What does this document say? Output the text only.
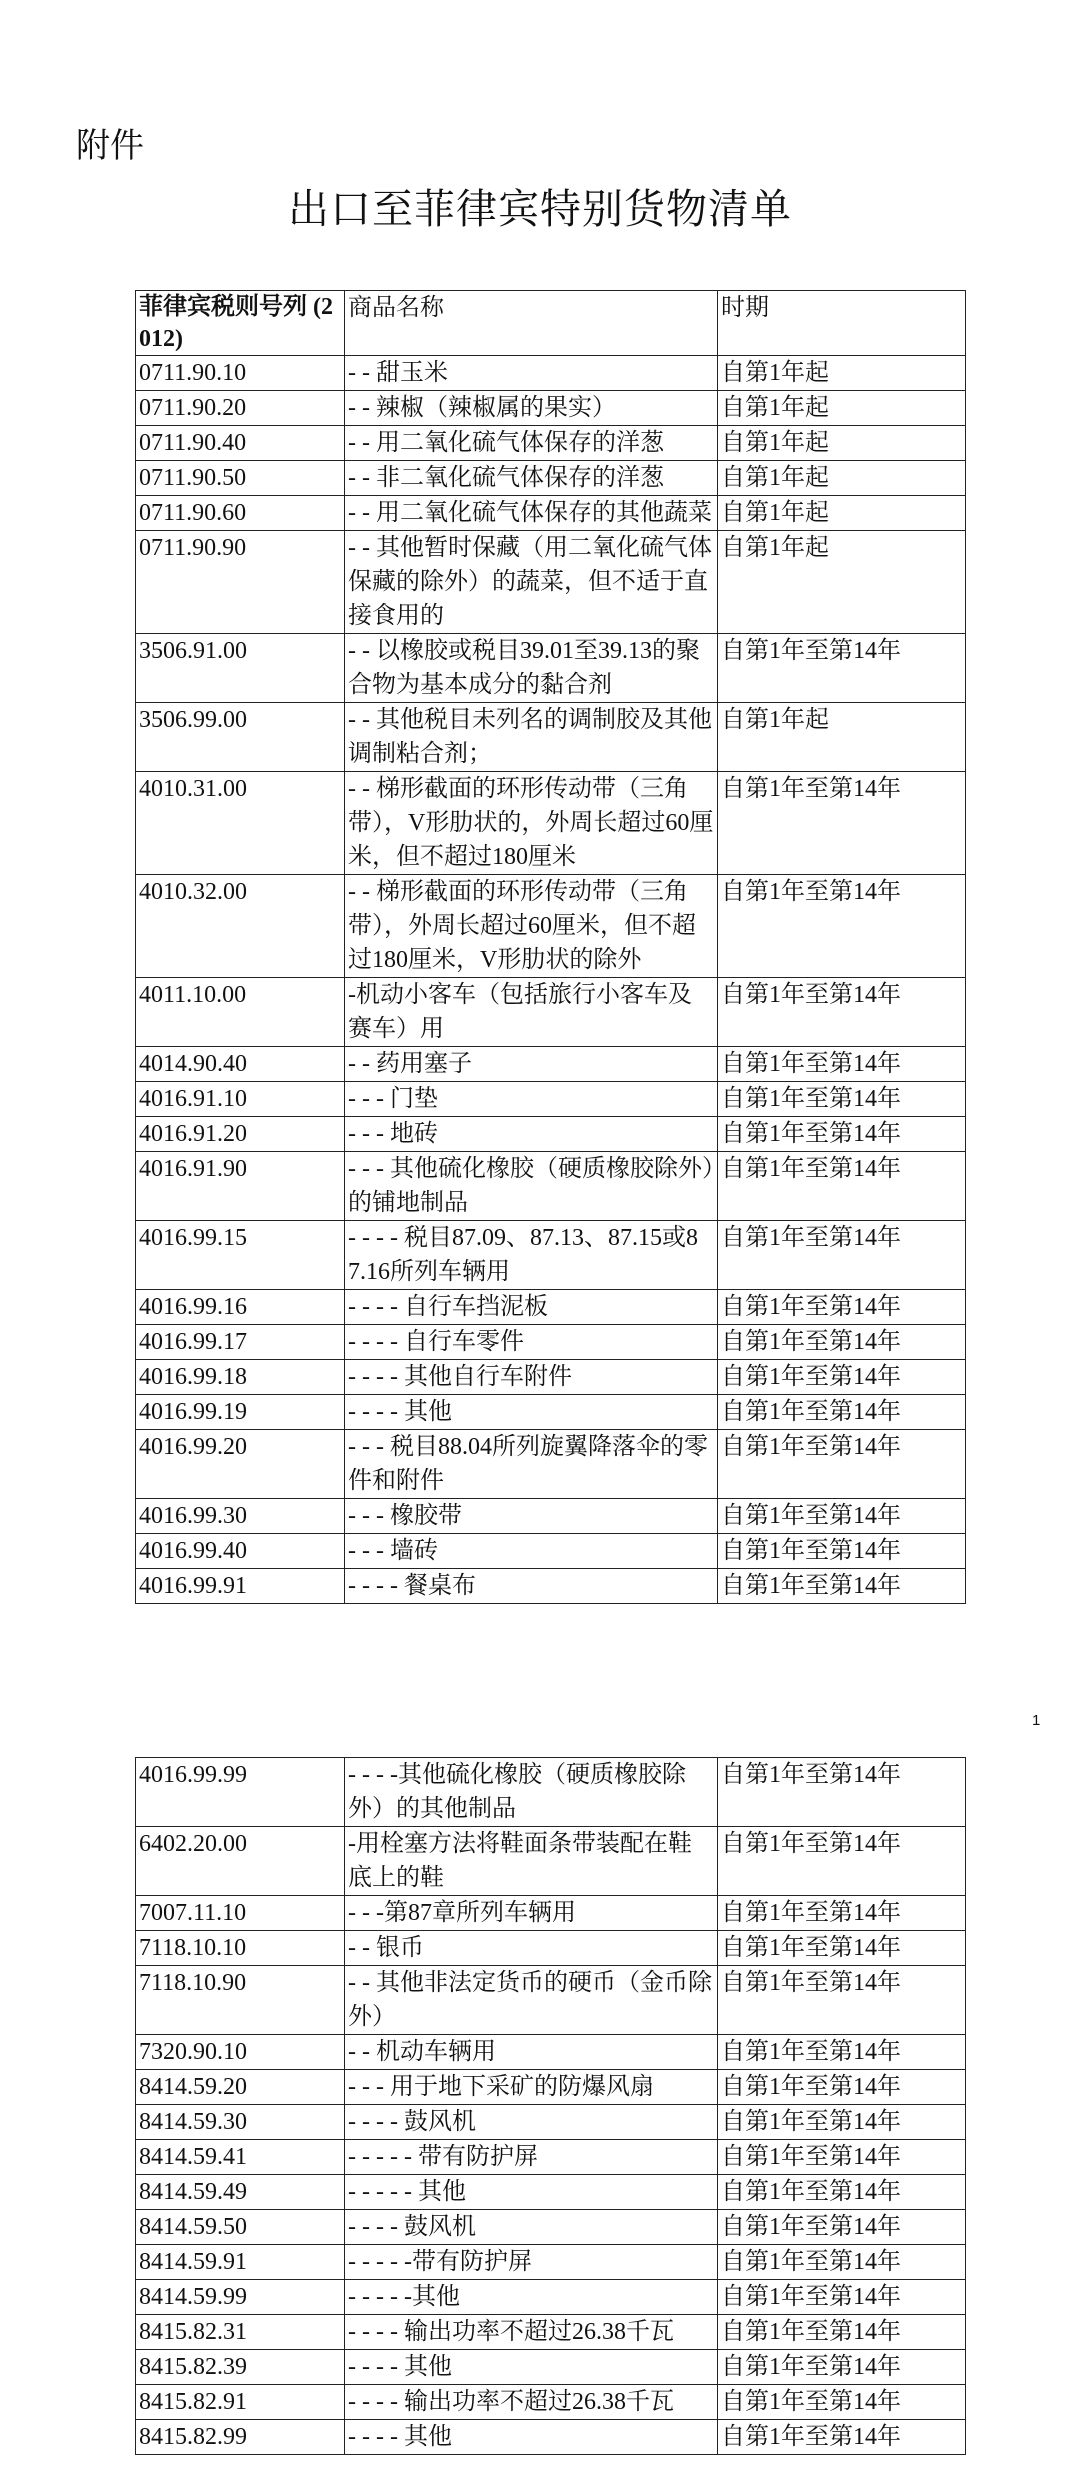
附件
出口至菲律宾特别货物清单
菲律宾税则号列 (2012)	商品名称	时期
0711.90.10	- - 甜玉米	自第1年起
0711.90.20	- - 辣椒（辣椒属的果实）	自第1年起
0711.90.40	- - 用二氧化硫气体保存的洋葱	自第1年起
0711.90.50	- - 非二氧化硫气体保存的洋葱	自第1年起
0711.90.60	- - 用二氧化硫气体保存的其他蔬菜	自第1年起
0711.90.90	- - 其他暂时保藏（用二氧化硫气体保藏的除外）的蔬菜，但不适于直接食用的	自第1年起
3506.91.00	- - 以橡胶或税目39.01至39.13的聚合物为基本成分的黏合剂	自第1年至第14年
3506.99.00	- - 其他税目未列名的调制胶及其他调制粘合剂；	自第1年起
4010.31.00	- - 梯形截面的环形传动带（三角带），V形肋状的，外周长超过60厘米，但不超过180厘米	自第1年至第14年
4010.32.00	- - 梯形截面的环形传动带（三角带），外周长超过60厘米，但不超过180厘米，V形肋状的除外	自第1年至第14年
4011.10.00	-机动小客车（包括旅行小客车及赛车）用	自第1年至第14年
4014.90.40	- - 药用塞子	自第1年至第14年
4016.91.10	- - - 门垫	自第1年至第14年
4016.91.20	- - - 地砖	自第1年至第14年
4016.91.90	- - - 其他硫化橡胶（硬质橡胶除外）的铺地制品	自第1年至第14年
4016.99.15	- - - - 税目87.09、87.13、87.15或87.16所列车辆用	自第1年至第14年
4016.99.16	- - - - 自行车挡泥板	自第1年至第14年
4016.99.17	- - - - 自行车零件	自第1年至第14年
4016.99.18	- - - - 其他自行车附件	自第1年至第14年
4016.99.19	- - - - 其他	自第1年至第14年
4016.99.20	- - - 税目88.04所列旋翼降落伞的零件和附件	自第1年至第14年
4016.99.30	- - - 橡胶带	自第1年至第14年
4016.99.40	- - - 墙砖	自第1年至第14年
4016.99.91	- - - - 餐桌布	自第1年至第14年
1
4016.99.99	- - - -其他硫化橡胶（硬质橡胶除外）的其他制品	自第1年至第14年
6402.20.00	-用栓塞方法将鞋面条带装配在鞋底上的鞋	自第1年至第14年
7007.11.10	- - -第87章所列车辆用	自第1年至第14年
7118.10.10	- - 银币	自第1年至第14年
7118.10.90	- - 其他非法定货币的硬币（金币除外）	自第1年至第14年
7320.90.10	- - 机动车辆用	自第1年至第14年
8414.59.20	- - - 用于地下采矿的防爆风扇	自第1年至第14年
8414.59.30	- - - - 鼓风机	自第1年至第14年
8414.59.41	- - - - - 带有防护屏	自第1年至第14年
8414.59.49	- - - - - 其他	自第1年至第14年
8414.59.50	- - - - 鼓风机	自第1年至第14年
8414.59.91	- - - - -带有防护屏	自第1年至第14年
8414.59.99	- - - - -其他	自第1年至第14年
8415.82.31	- - - - 输出功率不超过26.38千瓦	自第1年至第14年
8415.82.39	- - - - 其他	自第1年至第14年
8415.82.91	- - - - 输出功率不超过26.38千瓦	自第1年至第14年
8415.82.99	- - - - 其他	自第1年至第14年
